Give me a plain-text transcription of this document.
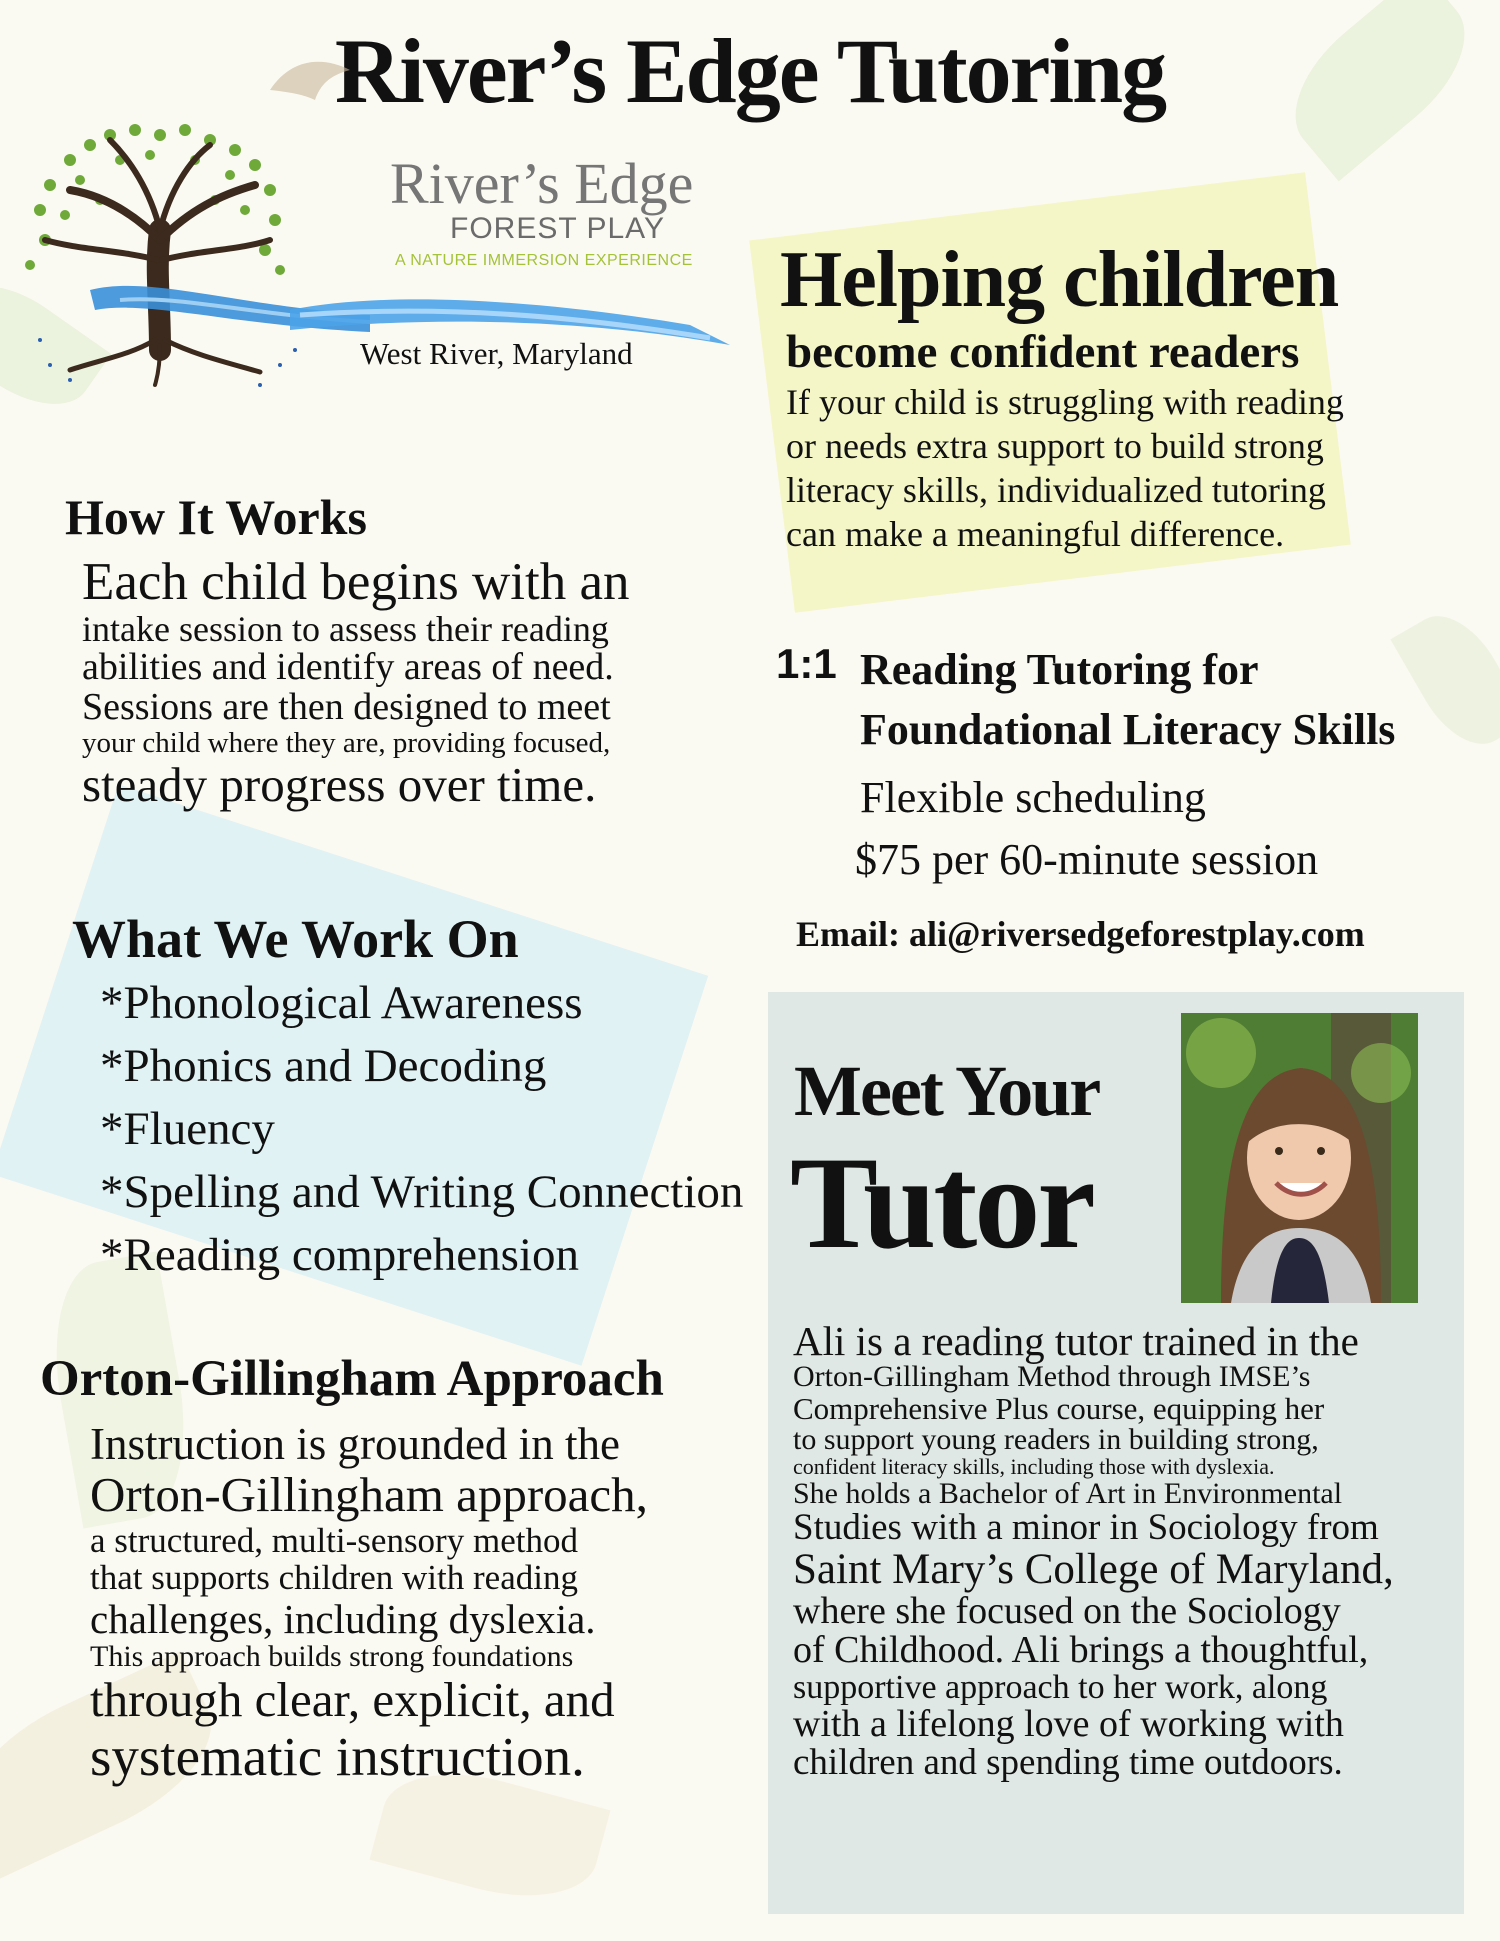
River’s Edge Tutoring
River’s Edge
FOREST PLAY
A NATURE IMMERSION EXPERIENCE
West River, Maryland
Helping children
become confident readers
If your child is struggling with reading
or needs extra support to build strong
literacy skills, individualized tutoring
can make a meaningful difference.
How It Works
Each child begins with an
intake session to assess their reading
abilities and identify areas of need.
Sessions are then designed to meet
your child where they are, providing focused,
steady progress over time.
What We Work On
*Phonological Awareness
*Phonics and Decoding
*Fluency
*Spelling and Writing Connection
*Reading comprehension
Orton-Gillingham Approach
Instruction is grounded in the
Orton-Gillingham approach,
a structured, multi-sensory method
that supports children with reading
challenges, including dyslexia.
This approach builds strong foundations
through clear, explicit, and
systematic instruction.
1:1 Reading Tutoring for
Foundational Literacy Skills
Flexible scheduling
$75 per 60-minute session
Email: ali@riversedgeforestplay.com
Meet Your
Tutor
Ali is a reading tutor trained in the
Orton-Gillingham Method through IMSE’s
Comprehensive Plus course, equipping her
to support young readers in building strong,
confident literacy skills, including those with dyslexia.
She holds a Bachelor of Art in Environmental
Studies with a minor in Sociology from
Saint Mary’s College of Maryland,
where she focused on the Sociology
of Childhood. Ali brings a thoughtful,
supportive approach to her work, along
with a lifelong love of working with
children and spending time outdoors.
